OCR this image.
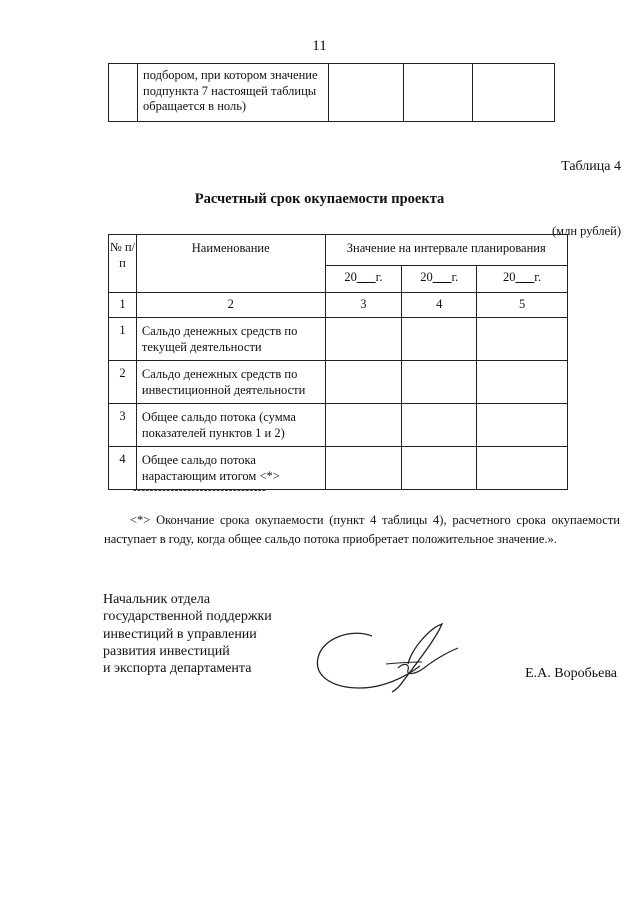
11

подбором, при котором значение подпункта 7 настоящей таблицы обращается в ноль)

Таблица 4
Расчетный срок окупаемости проекта
(млн рублей)
№ п/п	Наименование	Значение на интервале планирования		
		20___г.	20___г.	20___г.
1	2	3	4	5
1	Сальдо денежных средств по текущей деятельности			
2	Сальдо денежных средств по инвестиционной деятельности			
3	Общее сальдо потока (сумма показателей пунктов 1 и 2)			
4	Общее сальдо потока нарастающим итогом <*>			
--------------------------------
<*> Окончание срока окупаемости (пункт 4 таблицы 4), расчетного срока окупаемости наступает в году, когда общее сальдо потока приобретает положительное значение.».
Начальник отдела
государственной поддержки
инвестиций в управлении
развития инвестиций
и экспорта департамента	Е.А. Воробьева
